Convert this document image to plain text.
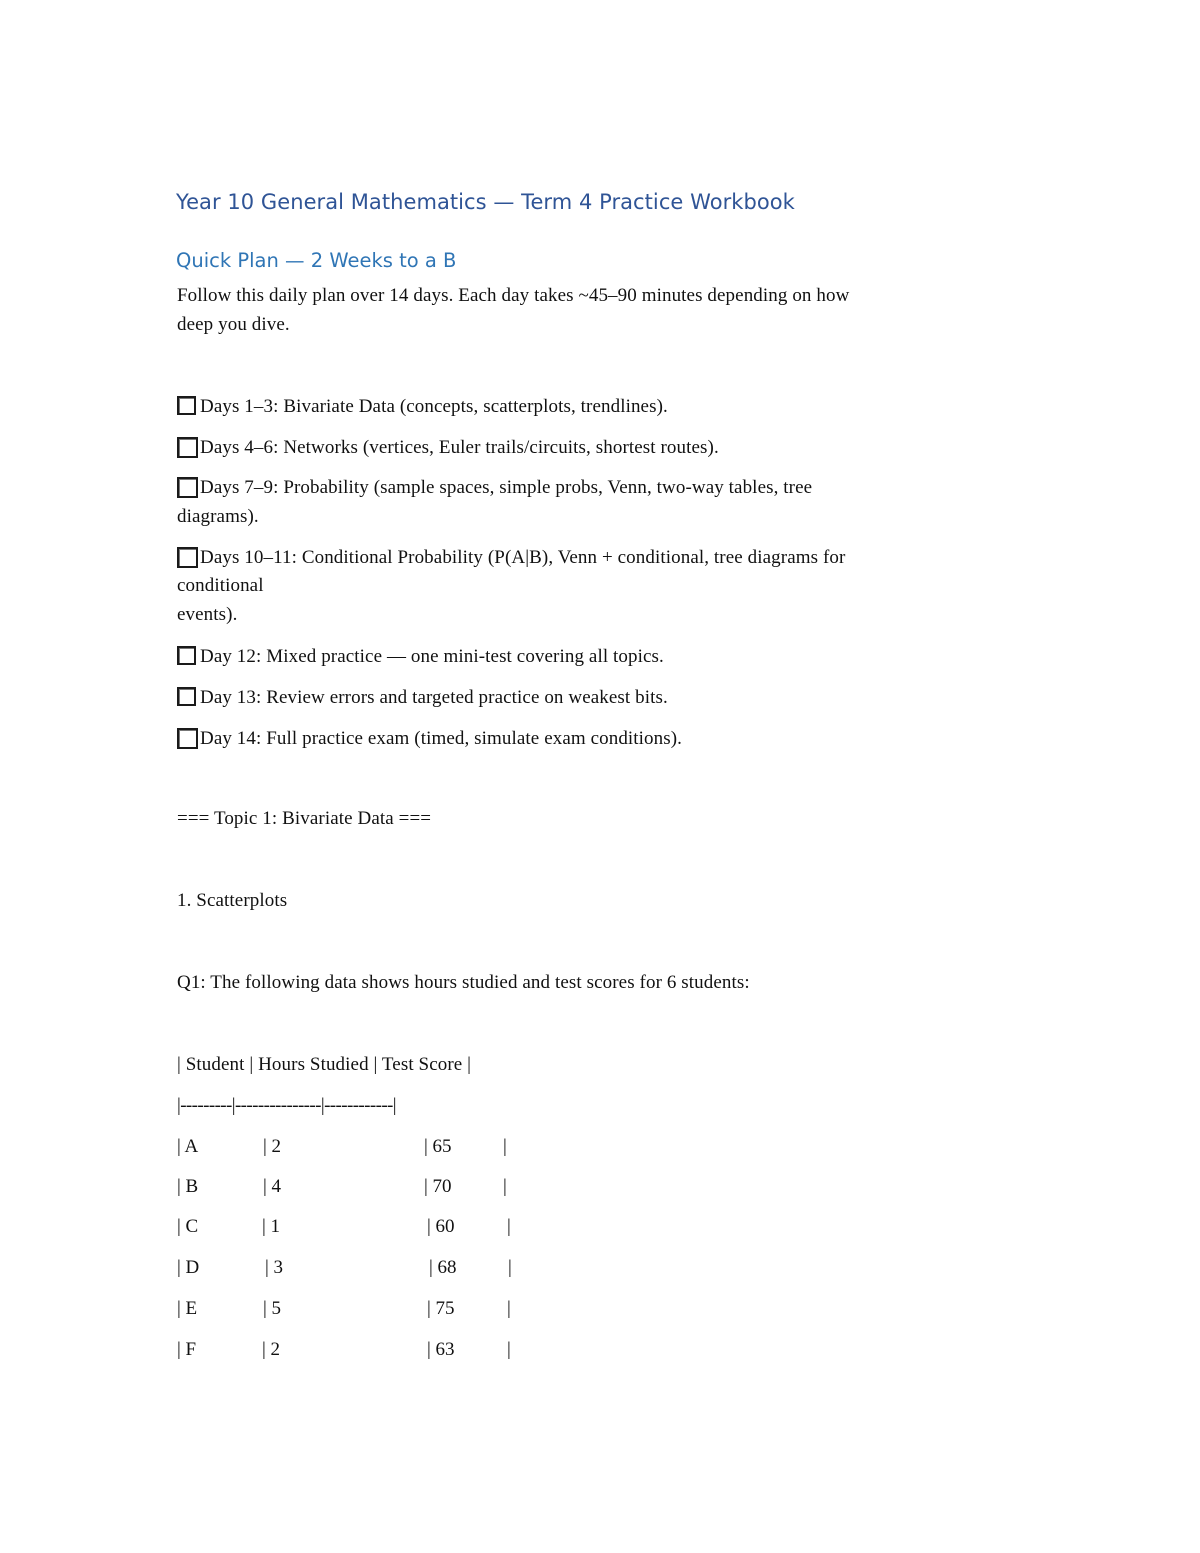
Year 10 General Mathematics — Term 4 Practice Workbook
Quick Plan — 2 Weeks to a B
Follow this daily plan over 14 days. Each day takes ~45–90 minutes depending on how
deep you dive.
Days 1–3: Bivariate Data (concepts, scatterplots, trendlines).
Days 4–6: Networks (vertices, Euler trails/circuits, shortest routes).
Days 7–9: Probability (sample spaces, simple probs, Venn, two-way tables, tree
diagrams).
Days 10–11: Conditional Probability (P(A|B), Venn + conditional, tree diagrams for
conditional
events).
Day 12: Mixed practice — one mini-test covering all topics.
Day 13: Review errors and targeted practice on weakest bits.
Day 14: Full practice exam (timed, simulate exam conditions).
=== Topic 1: Bivariate Data ===
1. Scatterplots
Q1: The following data shows hours studied and test scores for 6 students:
| Student | Hours Studied | Test Score |
|---------|---------------|------------|
| A	| 2	| 65	|
| B	| 4	| 70	|
| C	| 1	| 60	|
| D	| 3	| 68	|
| E	| 5	| 75	|
| F	| 2	| 63	|
